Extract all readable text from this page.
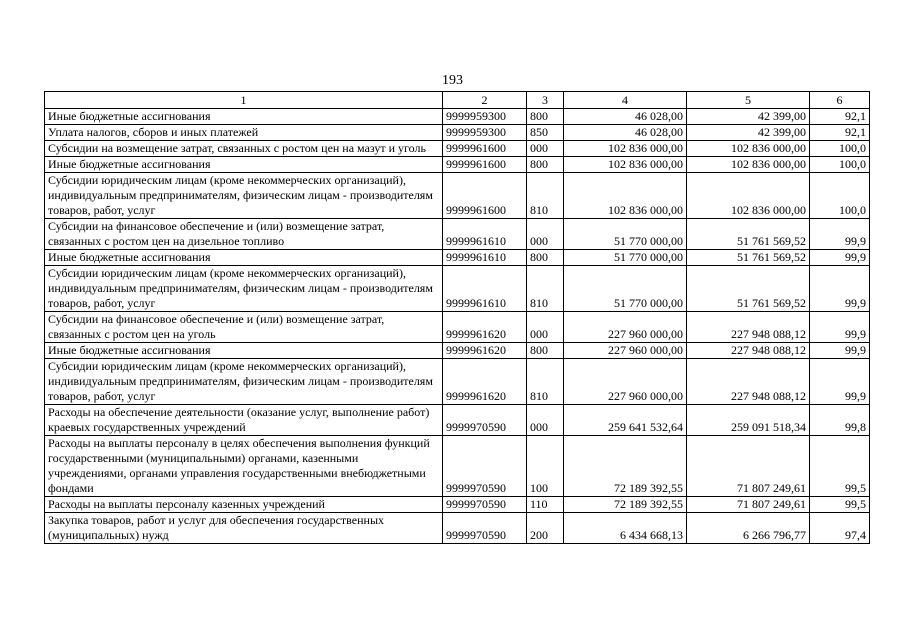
193
1	2	3	4	5	6
Иные бюджетные ассигнования	9999959300	800	46 028,00	42 399,00	92,1
Уплата налогов, сборов и иных платежей	9999959300	850	46 028,00	42 399,00	92,1
Субсидии на возмещение затрат, связанных с ростом цен на мазут и уголь	9999961600	000	102 836 000,00	102 836 000,00	100,0
Иные бюджетные ассигнования	9999961600	800	102 836 000,00	102 836 000,00	100,0
Субсидии юридическим лицам (кроме некоммерческих организаций), индивидуальным предпринимателям, физическим лицам - производителям товаров, работ, услуг	9999961600	810	102 836 000,00	102 836 000,00	100,0
Субсидии на финансовое обеспечение и (или) возмещение затрат, связанных с ростом цен на дизельное топливо	9999961610	000	51 770 000,00	51 761 569,52	99,9
Иные бюджетные ассигнования	9999961610	800	51 770 000,00	51 761 569,52	99,9
Субсидии юридическим лицам (кроме некоммерческих организаций), индивидуальным предпринимателям, физическим лицам - производителям товаров, работ, услуг	9999961610	810	51 770 000,00	51 761 569,52	99,9
Субсидии на финансовое обеспечение и (или) возмещение затрат, связанных с ростом цен на уголь	9999961620	000	227 960 000,00	227 948 088,12	99,9
Иные бюджетные ассигнования	9999961620	800	227 960 000,00	227 948 088,12	99,9
Субсидии юридическим лицам (кроме некоммерческих организаций), индивидуальным предпринимателям, физическим лицам - производителям товаров, работ, услуг	9999961620	810	227 960 000,00	227 948 088,12	99,9
Расходы на обеспечение деятельности (оказание услуг, выполнение работ) краевых государственных учреждений	9999970590	000	259 641 532,64	259 091 518,34	99,8
Расходы на выплаты персоналу в целях обеспечения выполнения функций государственными (муниципальными) органами, казенными учреждениями, органами управления государственными внебюджетными фондами	9999970590	100	72 189 392,55	71 807 249,61	99,5
Расходы на выплаты персоналу казенных учреждений	9999970590	110	72 189 392,55	71 807 249,61	99,5
Закупка товаров, работ и услуг для обеспечения государственных (муниципальных) нужд	9999970590	200	6 434 668,13	6 266 796,77	97,4
